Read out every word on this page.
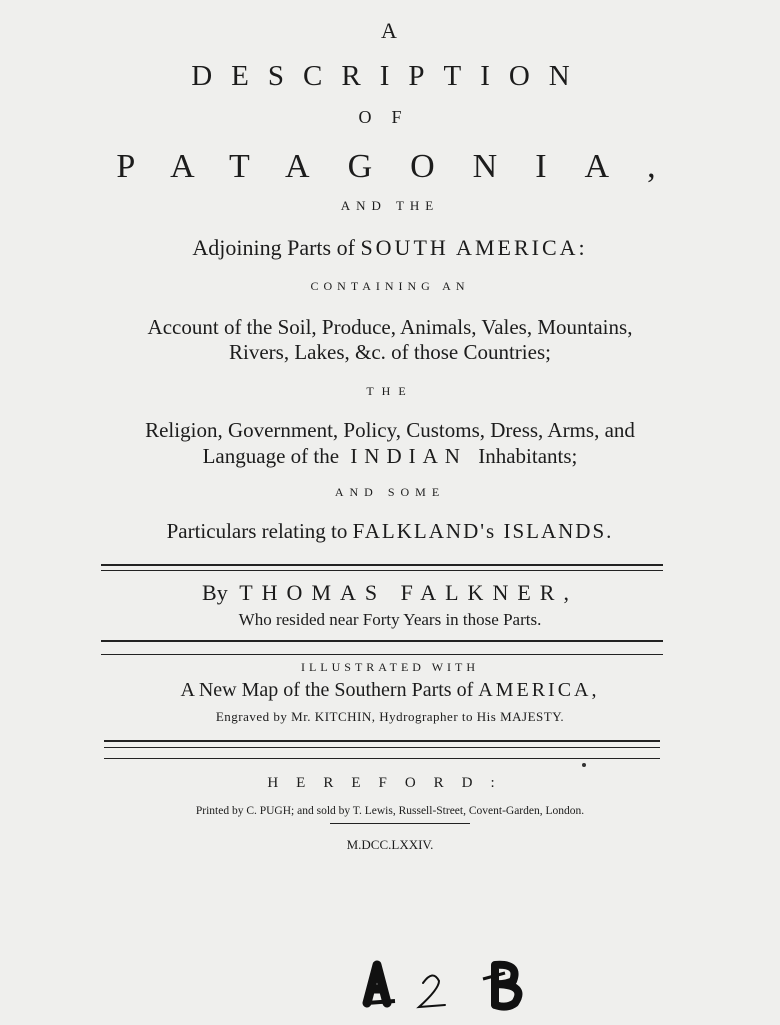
A
DESCRIPTION
OF
PATAGONIA,
AND THE
Adjoining Parts of SOUTH AMERICA:
CONTAINING AN
Account of the Soil, Produce, Animals, Vales, Mountains,
Rivers, Lakes, &c. of those Countries;
THE
Religion, Government, Policy, Customs, Dress, Arms, and
Language of the INDIAN Inhabitants;
AND SOME
Particulars relating to FALKLAND's ISLANDS.
By THOMAS FALKNER,
Who resided near Forty Years in those Parts.
ILLUSTRATED WITH
A New Map of the Southern Parts of AMERICA,
Engraved by Mr. KITCHIN, Hydrographer to His MAJESTY.
HEREFORD:
Printed by C. PUGH; and sold by T. Lewis, Russell-Street, Covent-Garden, London.
M.DCC.LXXIV.
